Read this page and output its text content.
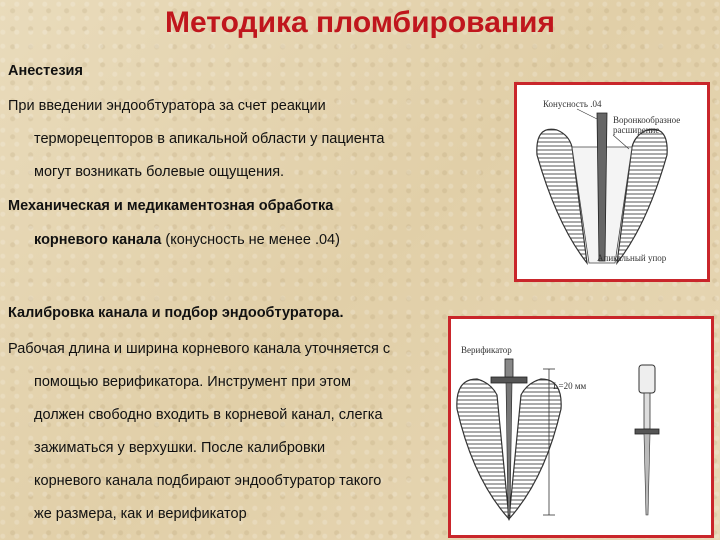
Методика пломбирования
Анестезия
При введении эндообтуратора за счет реакции
терморецепторов в апикальной области у пациента
могут возникать болевые ощущения.
Механическая и медикаментозная обработка
корневого канала (конусность не менее .04)
Калибровка канала и подбор эндообтуратора.
Рабочая длина и ширина корневого канала уточняется с
помощью верификатора. Инструмент при этом
должен свободно входить в корневой канал, слегка
зажиматься у верхушки. После калибровки
корневого канала подбирают эндообтуратор такого
же размера, как и верификатор
Конусность .04
Воронкообразное
расширение
Апикальный упор
Верификатор
L=20 мм
